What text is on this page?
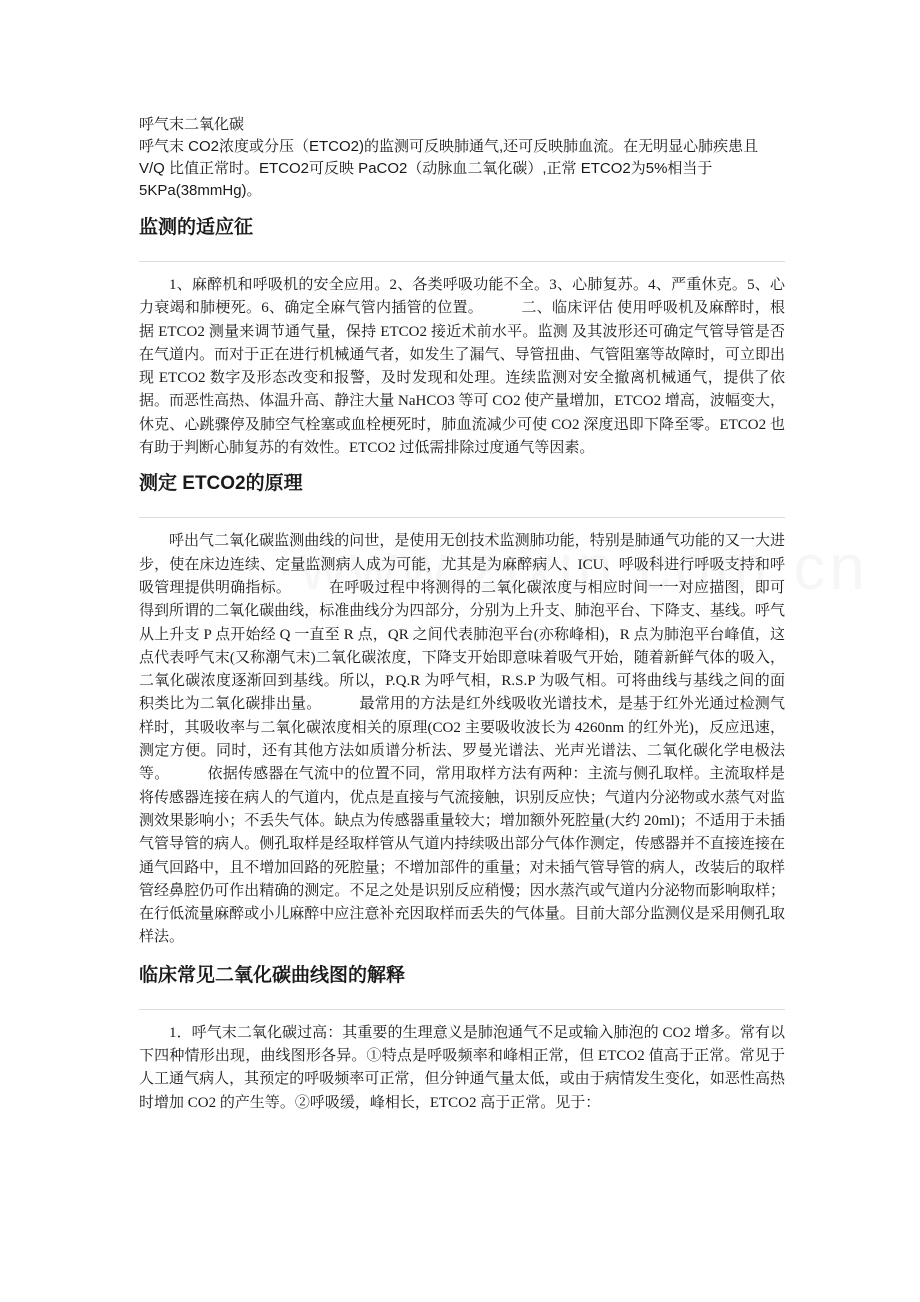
呼气末二氧化碳

呼气末 CO2浓度或分压（ETCO2)的监测可反映肺通气,还可反映肺血流。在无明显心肺疾患且 V/Q 比值正常时。ETCO2可反映 PaCO2（动脉血二氧化碳）,正常 ETCO2为5%相当于5KPa(38mmHg)。

监测的适应征

1、麻醉机和呼吸机的安全应用。2、各类呼吸功能不全。3、心肺复苏。4、严重休克。5、心力衰竭和肺梗死。6、确定全麻气管内插管的位置。　　　二、临床评估 使用呼吸机及麻醉时，根据 ETCO2 测量来调节通气量，保持 ETCO2 接近术前水平。监测 及其波形还可确定气管导管是否在气道内。而对于正在进行机械通气者，如发生了漏气、导管扭曲、气管阻塞等故障时，可立即出现 ETCO2 数字及形态改变和报警，及时发现和处理。连续监测对安全撤离机械通气，提供了依据。而恶性高热、体温升高、静注大量 NaHCO3 等可 CO2 使产量增加，ETCO2 增高，波幅变大，休克、心跳骤停及肺空气栓塞或血栓梗死时，肺血流减少可使 CO2 深度迅即下降至零。ETCO2 也有助于判断心肺复苏的有效性。ETCO2 过低需排除过度通气等因素。

测定 ETCO2的原理

呼出气二氧化碳监测曲线的问世，是使用无创技术监测肺功能，特别是肺通气功能的又一大进步，使在床边连续、定量监测病人成为可能，尤其是为麻醉病人、ICU、呼吸科进行呼吸支持和呼吸管理提供明确指标。　　　在呼吸过程中将测得的二氧化碳浓度与相应时间一一对应描图，即可得到所谓的二氧化碳曲线，标准曲线分为四部分，分别为上升支、肺泡平台、下降支、基线。呼气从上升支 P 点开始经 Q 一直至 R 点，QR 之间代表肺泡平台(亦称峰相)，R 点为肺泡平台峰值，这点代表呼气末(又称潮气末)二氧化碳浓度，下降支开始即意味着吸气开始，随着新鲜气体的吸入，二氧化碳浓度逐渐回到基线。所以，P.Q.R 为呼气相，R.S.P 为吸气相。可将曲线与基线之间的面积类比为二氧化碳排出量。　　　最常用的方法是红外线吸收光谱技术，是基于红外光通过检测气样时，其吸收率与二氧化碳浓度相关的原理(CO2 主要吸收波长为 4260nm 的红外光)，反应迅速，测定方便。同时，还有其他方法如质谱分析法、罗曼光谱法、光声光谱法、二氧化碳化学电极法等。　　　依据传感器在气流中的位置不同，常用取样方法有两种：主流与侧孔取样。主流取样是将传感器连接在病人的气道内，优点是直接与气流接触，识别反应快；气道内分泌物或水蒸气对监测效果影响小；不丢失气体。缺点为传感器重量较大；增加额外死腔量(大约 20ml)；不适用于未插气管导管的病人。侧孔取样是经取样管从气道内持续吸出部分气体作测定，传感器并不直接连接在通气回路中，且不增加回路的死腔量；不增加部件的重量；对未插气管导管的病人，改装后的取样管经鼻腔仍可作出精确的测定。不足之处是识别反应稍慢；因水蒸汽或气道内分泌物而影响取样；在行低流量麻醉或小儿麻醉中应注意补充因取样而丢失的气体量。目前大部分监测仪是采用侧孔取样法。

临床常见二氧化碳曲线图的解释

1．呼气末二氧化碳过高：其重要的生理意义是肺泡通气不足或输入肺泡的 CO2 增多。常有以下四种情形出现，曲线图形各异。①特点是呼吸频率和峰相正常，但 ETCO2 值高于正常。常见于人工通气病人，其预定的呼吸频率可正常，但分钟通气量太低，或由于病情发生变化，如恶性高热时增加 CO2 的产生等。②呼吸缓，峰相长，ETCO2 高于正常。见于：
